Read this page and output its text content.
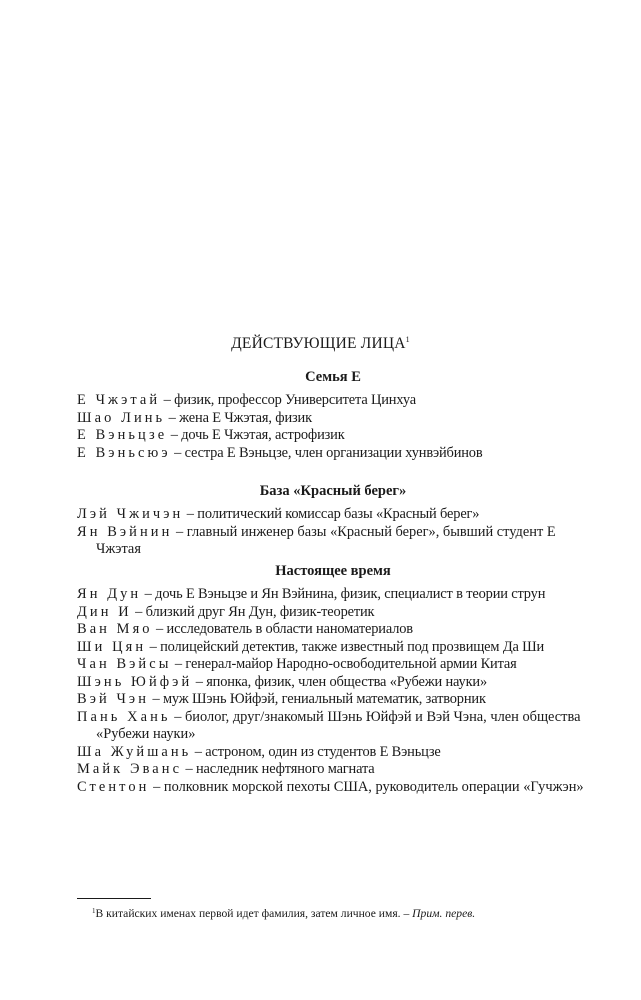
ДЕЙСТВУЮЩИЕ ЛИЦА$^1$
Семья Е
Е Чжэтай – физик, профессор Университета Цинхуа
Шао Линь – жена Е Чжэтая, физик
Е Вэньцзе – дочь Е Чжэтая, астрофизик
Е Вэньсюэ – сестра Е Вэньцзе, член организации хунвэйбинов
База «Красный берег»
Лэй Чжичэн – политический комиссар базы «Красный берег»
Ян Вэйнин – главный инженер базы «Красный берег», бывший студент Е Чжэтая
Настоящее время
Ян Дун – дочь Е Вэньцзе и Ян Вэйнина, физик, специалист в теории струн
Дин И – близкий друг Ян Дун, физик-теоретик
Ван Мяо – исследователь в области наноматериалов
Ши Цян – полицейский детектив, также известный под прозвищем Да Ши
Чан Вэйсы – генерал-майор Народно-освободительной армии Китая
Шэнь Юйфэй – японка, физик, член общества «Рубежи науки»
Вэй Чэн – муж Шэнь Юйфэй, гениальный математик, затворник
Пань Хань – биолог, друг/знакомый Шэнь Юйфэй и Вэй Чэна, член общества «Рубежи науки»
Ша Жуйшань – астроном, один из студентов Е Вэньцзе
Майк Эванс – наследник нефтяного магната
Стентон – полковник морской пехоты США, руководитель операции «Гучжэн»
$^1$В китайских именах первой идет фамилия, затем личное имя. – Прим. перев.
